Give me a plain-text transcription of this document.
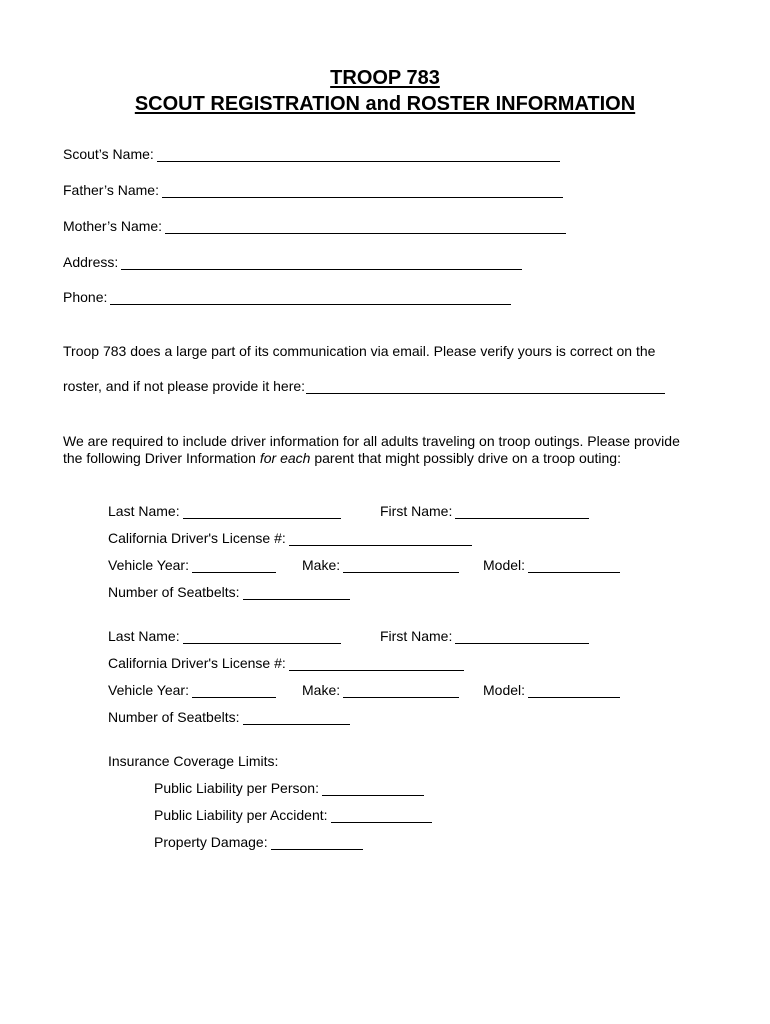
TROOP 783
SCOUT REGISTRATION and ROSTER INFORMATION
Scout’s Name:
Father’s Name:
Mother’s Name:
Address:
Phone:
Troop 783 does a large part of its communication via email. Please verify yours is correct on the
roster, and if not please provide it here:
We are required to include driver information for all adults traveling on troop outings. Please provide the following Driver Information for each parent that might possibly drive on a troop outing:
Last Name:	First Name:
California Driver's License #:
Vehicle Year:	Make:	Model:
Number of Seatbelts:
Last Name:	First Name:
California Driver's License #:
Vehicle Year:	Make:	Model:
Number of Seatbelts:
Insurance Coverage Limits:
Public Liability per Person:
Public Liability per Accident:
Property Damage:
